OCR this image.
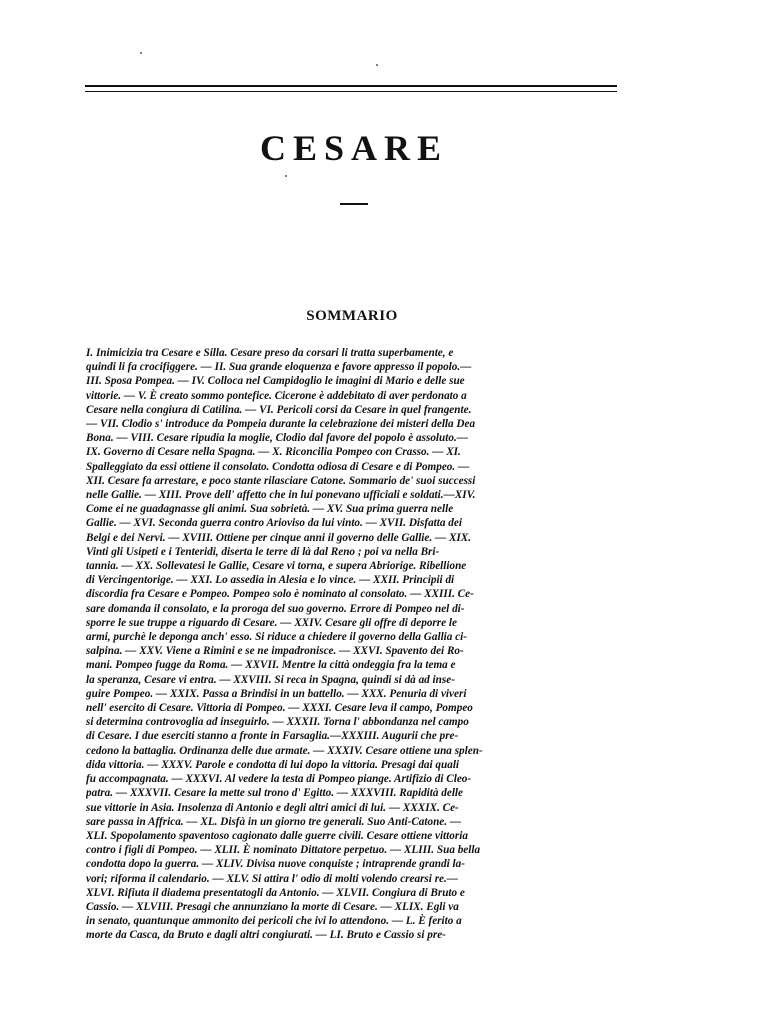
CESARE
SOMMARIO
I. Inimicizia tra Cesare e Silla. Cesare preso da corsari li tratta superbamente, e
quindi li fa crocifiggere. — II. Sua grande eloquenza e favore appresso il popolo.—
III. Sposa Pompea. — IV. Colloca nel Campidoglio le imagini di Mario e delle sue
vittorie. — V. È creato sommo pontefice. Cicerone è addebitato di aver perdonato a
Cesare nella congiura di Catilina. — VI. Pericoli corsi da Cesare in quel frangente.
— VII. Clodio s' introduce da Pompeia durante la celebrazione dei misteri della Dea
Bona. — VIII. Cesare ripudia la moglie, Clodio dal favore del popolo è assoluto.—
IX. Governo di Cesare nella Spagna. — X. Riconcilia Pompeo con Crasso. — XI.
Spalleggiato da essi ottiene il consolato. Condotta odiosa di Cesare e di Pompeo. —
XII. Cesare fa arrestare, e poco stante rilasciare Catone. Sommario de' suoi successi
nelle Gallie. — XIII. Prove dell' affetto che in lui ponevano ufficiali e soldati.—XIV.
Come ei ne guadagnasse gli animi. Sua sobrietà. — XV. Sua prima guerra nelle
Gallie. — XVI. Seconda guerra contro Arioviso da lui vinto. — XVII. Disfatta dei
Belgi e dei Nervi. — XVIII. Ottiene per cinque anni il governo delle Gallie. — XIX.
Vinti gli Usipeti e i Tenteridi, diserta le terre di là dal Reno ; poi va nella Bri-
tannia. — XX. Sollevatesi le Gallie, Cesare vi torna, e supera Abriorige. Ribellione
di Vercingentorige. — XXI. Lo assedia in Alesia e lo vince. — XXII. Principii di
discordia fra Cesare e Pompeo. Pompeo solo è nominato al consolato. — XXIII. Ce-
sare domanda il consolato, e la proroga del suo governo. Errore di Pompeo nel di-
sporre le sue truppe a riguardo di Cesare. — XXIV. Cesare gli offre di deporre le
armi, purchè le deponga anch' esso. Si riduce a chiedere il governo della Gallia ci-
salpina. — XXV. Viene a Rimini e se ne impadronisce. — XXVI. Spavento dei Ro-
mani. Pompeo fugge da Roma. — XXVII. Mentre la città ondeggia fra la tema e
la speranza, Cesare vi entra. — XXVIII. Si reca in Spagna, quindi si dà ad inse-
guire Pompeo. — XXIX. Passa a Brindisi in un battello. — XXX. Penuria di viveri
nell' esercito di Cesare. Vittoria di Pompeo. — XXXI. Cesare leva il campo, Pompeo
si determina controvoglia ad inseguirlo. — XXXII. Torna l' abbondanza nel campo
di Cesare. I due eserciti stanno a fronte in Farsaglia.—XXXIII. Augurii che pre-
cedono la battaglia. Ordinanza delle due armate. — XXXIV. Cesare ottiene una splen-
dida vittoria. — XXXV. Parole e condotta di lui dopo la vittoria. Presagi dai quali
fu accompagnata. — XXXVI. Al vedere la testa di Pompeo piange. Artifizio di Cleo-
patra. — XXXVII. Cesare la mette sul trono d' Egitto. — XXXVIII. Rapidità delle
sue vittorie in Asia. Insolenza di Antonio e degli altri amici di lui. — XXXIX. Ce-
sare passa in Affrica. — XL. Disfà in un giorno tre generali. Suo Anti-Catone. —
XLI. Spopolamento spaventoso cagionato dalle guerre civili. Cesare ottiene vittoria
contro i figli di Pompeo. — XLII. È nominato Dittatore perpetuo. — XLIII. Sua bella
condotta dopo la guerra. — XLIV. Divisa nuove conquiste ; intraprende grandi la-
vori; riforma il calendario. — XLV. Si attira l' odio di molti volendo crearsi re.—
XLVI. Rifiuta il diadema presentatogli da Antonio. — XLVII. Congiura di Bruto e
Cassio. — XLVIII. Presagi che annunziano la morte di Cesare. — XLIX. Egli va
in senato, quantunque ammonito dei pericoli che ivi lo attendono. — L. È ferito a
morte da Casca, da Bruto e dagli altri congiurati. — LI. Bruto e Cassio si pre-
